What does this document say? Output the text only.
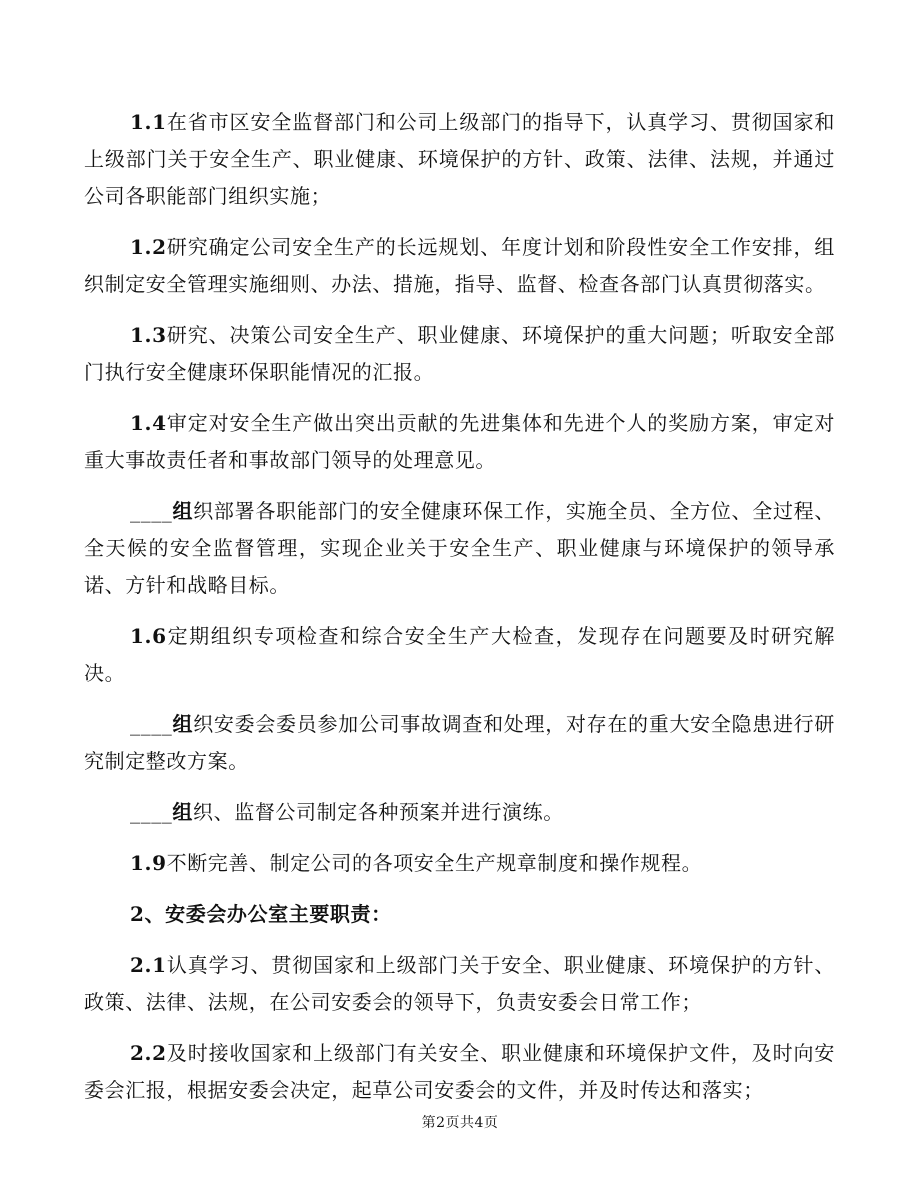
1.1在省市区安全监督部门和公司上级部门的指导下，认真学习、贯彻国家和上级部门关于安全生产、职业健康、环境保护的方针、政策、法律、法规，并通过公司各职能部门组织实施；

1.2研究确定公司安全生产的长远规划、年度计划和阶段性安全工作安排，组织制定安全管理实施细则、办法、措施，指导、监督、检查各部门认真贯彻落实。

1.3研究、决策公司安全生产、职业健康、环境保护的重大问题；听取安全部门执行安全健康环保职能情况的汇报。

1.4审定对安全生产做出突出贡献的先进集体和先进个人的奖励方案，审定对重大事故责任者和事故部门领导的处理意见。

____组织部署各职能部门的安全健康环保工作，实施全员、全方位、全过程、全天候的安全监督管理，实现企业关于安全生产、职业健康与环境保护的领导承诺、方针和战略目标。

1.6定期组织专项检查和综合安全生产大检查，发现存在问题要及时研究解决。

____组织安委会委员参加公司事故调查和处理，对存在的重大安全隐患进行研究制定整改方案。

____组织、监督公司制定各种预案并进行演练。

1.9不断完善、制定公司的各项安全生产规章制度和操作规程。

2、安委会办公室主要职责：

2.1认真学习、贯彻国家和上级部门关于安全、职业健康、环境保护的方针、政策、法律、法规，在公司安委会的领导下，负责安委会日常工作；

2.2及时接收国家和上级部门有关安全、职业健康和环境保护文件，及时向安委会汇报，根据安委会决定，起草公司安委会的文件，并及时传达和落实；

第2页共4页
